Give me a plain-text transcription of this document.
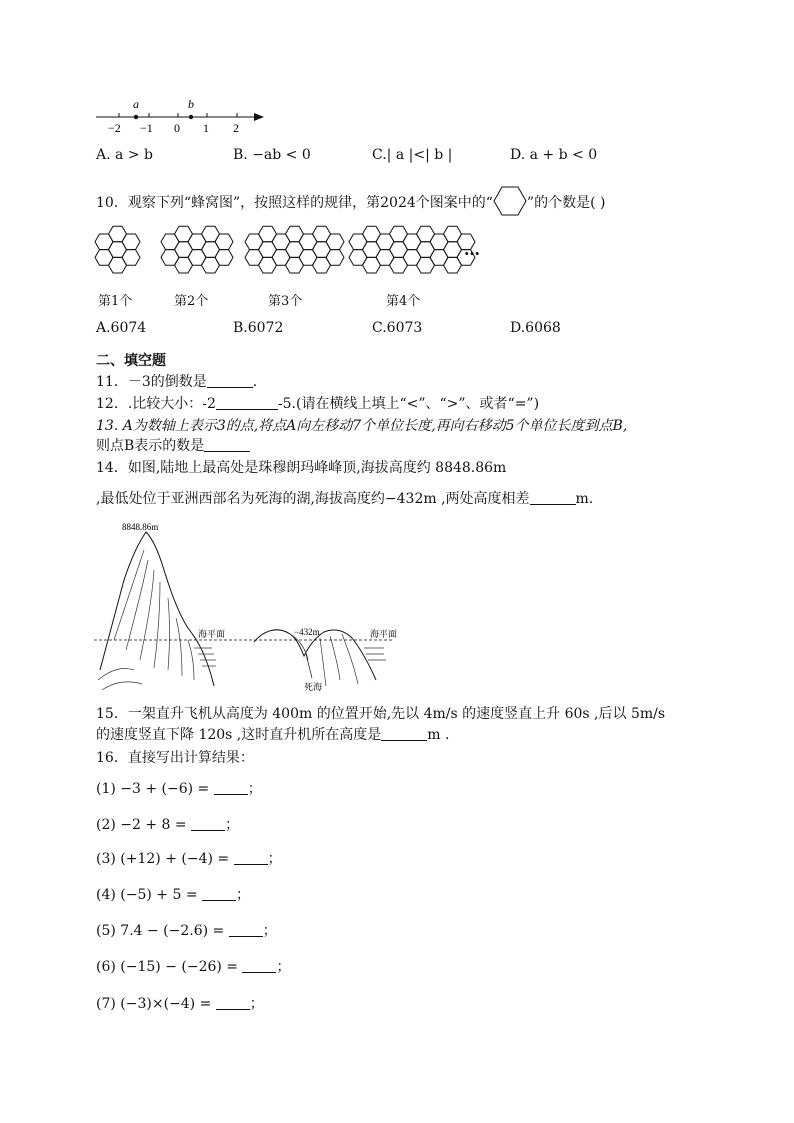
a	b
−2 −1 0 1 2
A. a > b	B. −ab < 0	C.| a |<| b |	D. a + b < 0
10．观察下列“蜂窝图”，按照这样的规律，第2024个图案中的“ ”的个数是( )
…
第1个	第2个	第3个	第4个
A.6074	B.6072	C.6073	D.6068
二、填空题
11．－3的倒数是	.
12．.比较大小：-2	-5.(请在横线上填上“<”、“>”、或者“=”)
13. A为数轴上表示3的点,将点A向左移动7个单位长度,再向右移动5个单位长度到点B,
则点B表示的数是
14．如图,陆地上最高处是珠穆朗玛峰峰顶,海拔高度约 8848.86m
,最低处位于亚洲西部名为死海的湖,海拔高度约−432m ,两处高度相差	m.
8848.86m
海平面	−432m	海平面
死海
15．一架直升飞机从高度为 400m 的位置开始,先以 4m/s 的速度竖直上升 60s ,后以 5m/s
的速度竖直下降 120s ,这时直升机所在高度是	m .
16．直接写出计算结果：
(1) −3 + (−6) =	；
(2) −2 + 8 =	；
(3) (+12) + (−4) =	；
(4) (−5) + 5 =	；
(5) 7.4 − (−2.6) =	；
(6) (−15) − (−26) =	；
(7) (−3)×(−4) =	；
